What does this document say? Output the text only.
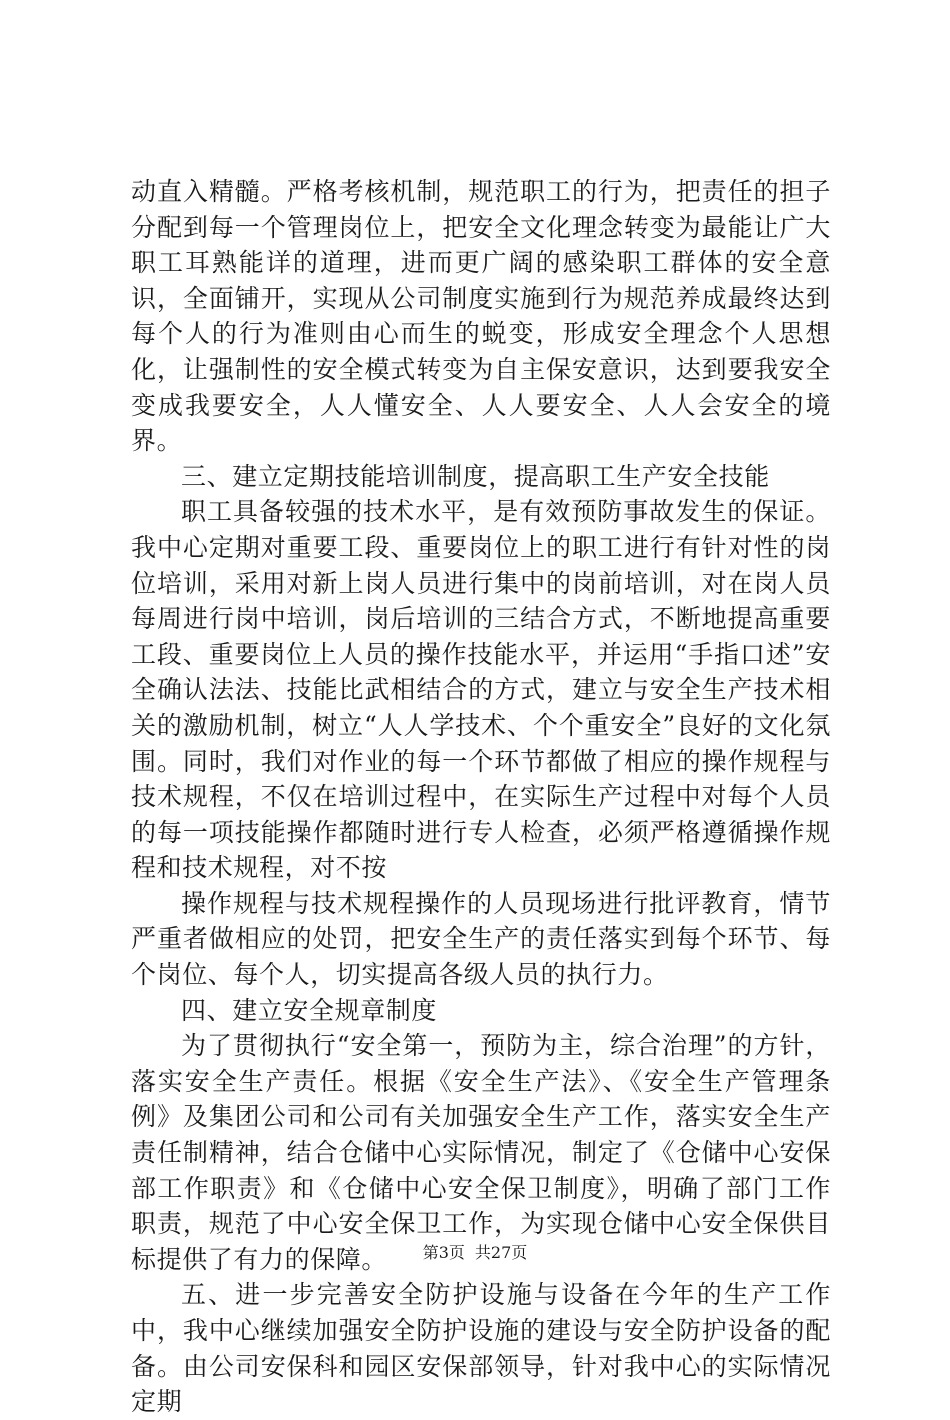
动直入精髓。严格考核机制，规范职工的行为，把责任的担子分配到每一个管理岗位上，把安全文化理念转变为最能让广大职工耳熟能详的道理，进而更广阔的感染职工群体的安全意识，全面铺开，实现从公司制度实施到行为规范养成最终达到每个人的行为准则由心而生的蜕变，形成安全理念个人思想化，让强制性的安全模式转变为自主保安意识，达到要我安全变成我要安全，人人懂安全、人人要安全、人人会安全的境界。

三、建立定期技能培训制度，提高职工生产安全技能

职工具备较强的技术水平，是有效预防事故发生的保证。我中心定期对重要工段、重要岗位上的职工进行有针对性的岗位培训，采用对新上岗人员进行集中的岗前培训，对在岗人员每周进行岗中培训，岗后培训的三结合方式，不断地提高重要工段、重要岗位上人员的操作技能水平，并运用“手指口述”安全确认法法、技能比武相结合的方式，建立与安全生产技术相关的激励机制，树立“人人学技术、个个重安全”良好的文化氛围。同时，我们对作业的每一个环节都做了相应的操作规程与技术规程，不仅在培训过程中，在实际生产过程中对每个人员的每一项技能操作都随时进行专人检查，必须严格遵循操作规程和技术规程，对不按

操作规程与技术规程操作的人员现场进行批评教育，情节严重者做相应的处罚，把安全生产的责任落实到每个环节、每个岗位、每个人，切实提高各级人员的执行力。

四、建立安全规章制度

为了贯彻执行“安全第一，预防为主，综合治理”的方针，落实安全生产责任。根据《安全生产法》、《安全生产管理条例》及集团公司和公司有关加强安全生产工作，落实安全生产责任制精神，结合仓储中心实际情况，制定了《仓储中心安保部工作职责》和《仓储中心安全保卫制度》，明确了部门工作职责，规范了中心安全保卫工作，为实现仓储中心安全保供目标提供了有力的保障。

五、进一步完善安全防护设施与设备在今年的生产工作中，我中心继续加强安全防护设施的建设与安全防护设备的配备。由公司安保科和园区安保部领导，针对我中心的实际情况定期

第3页 共27页
